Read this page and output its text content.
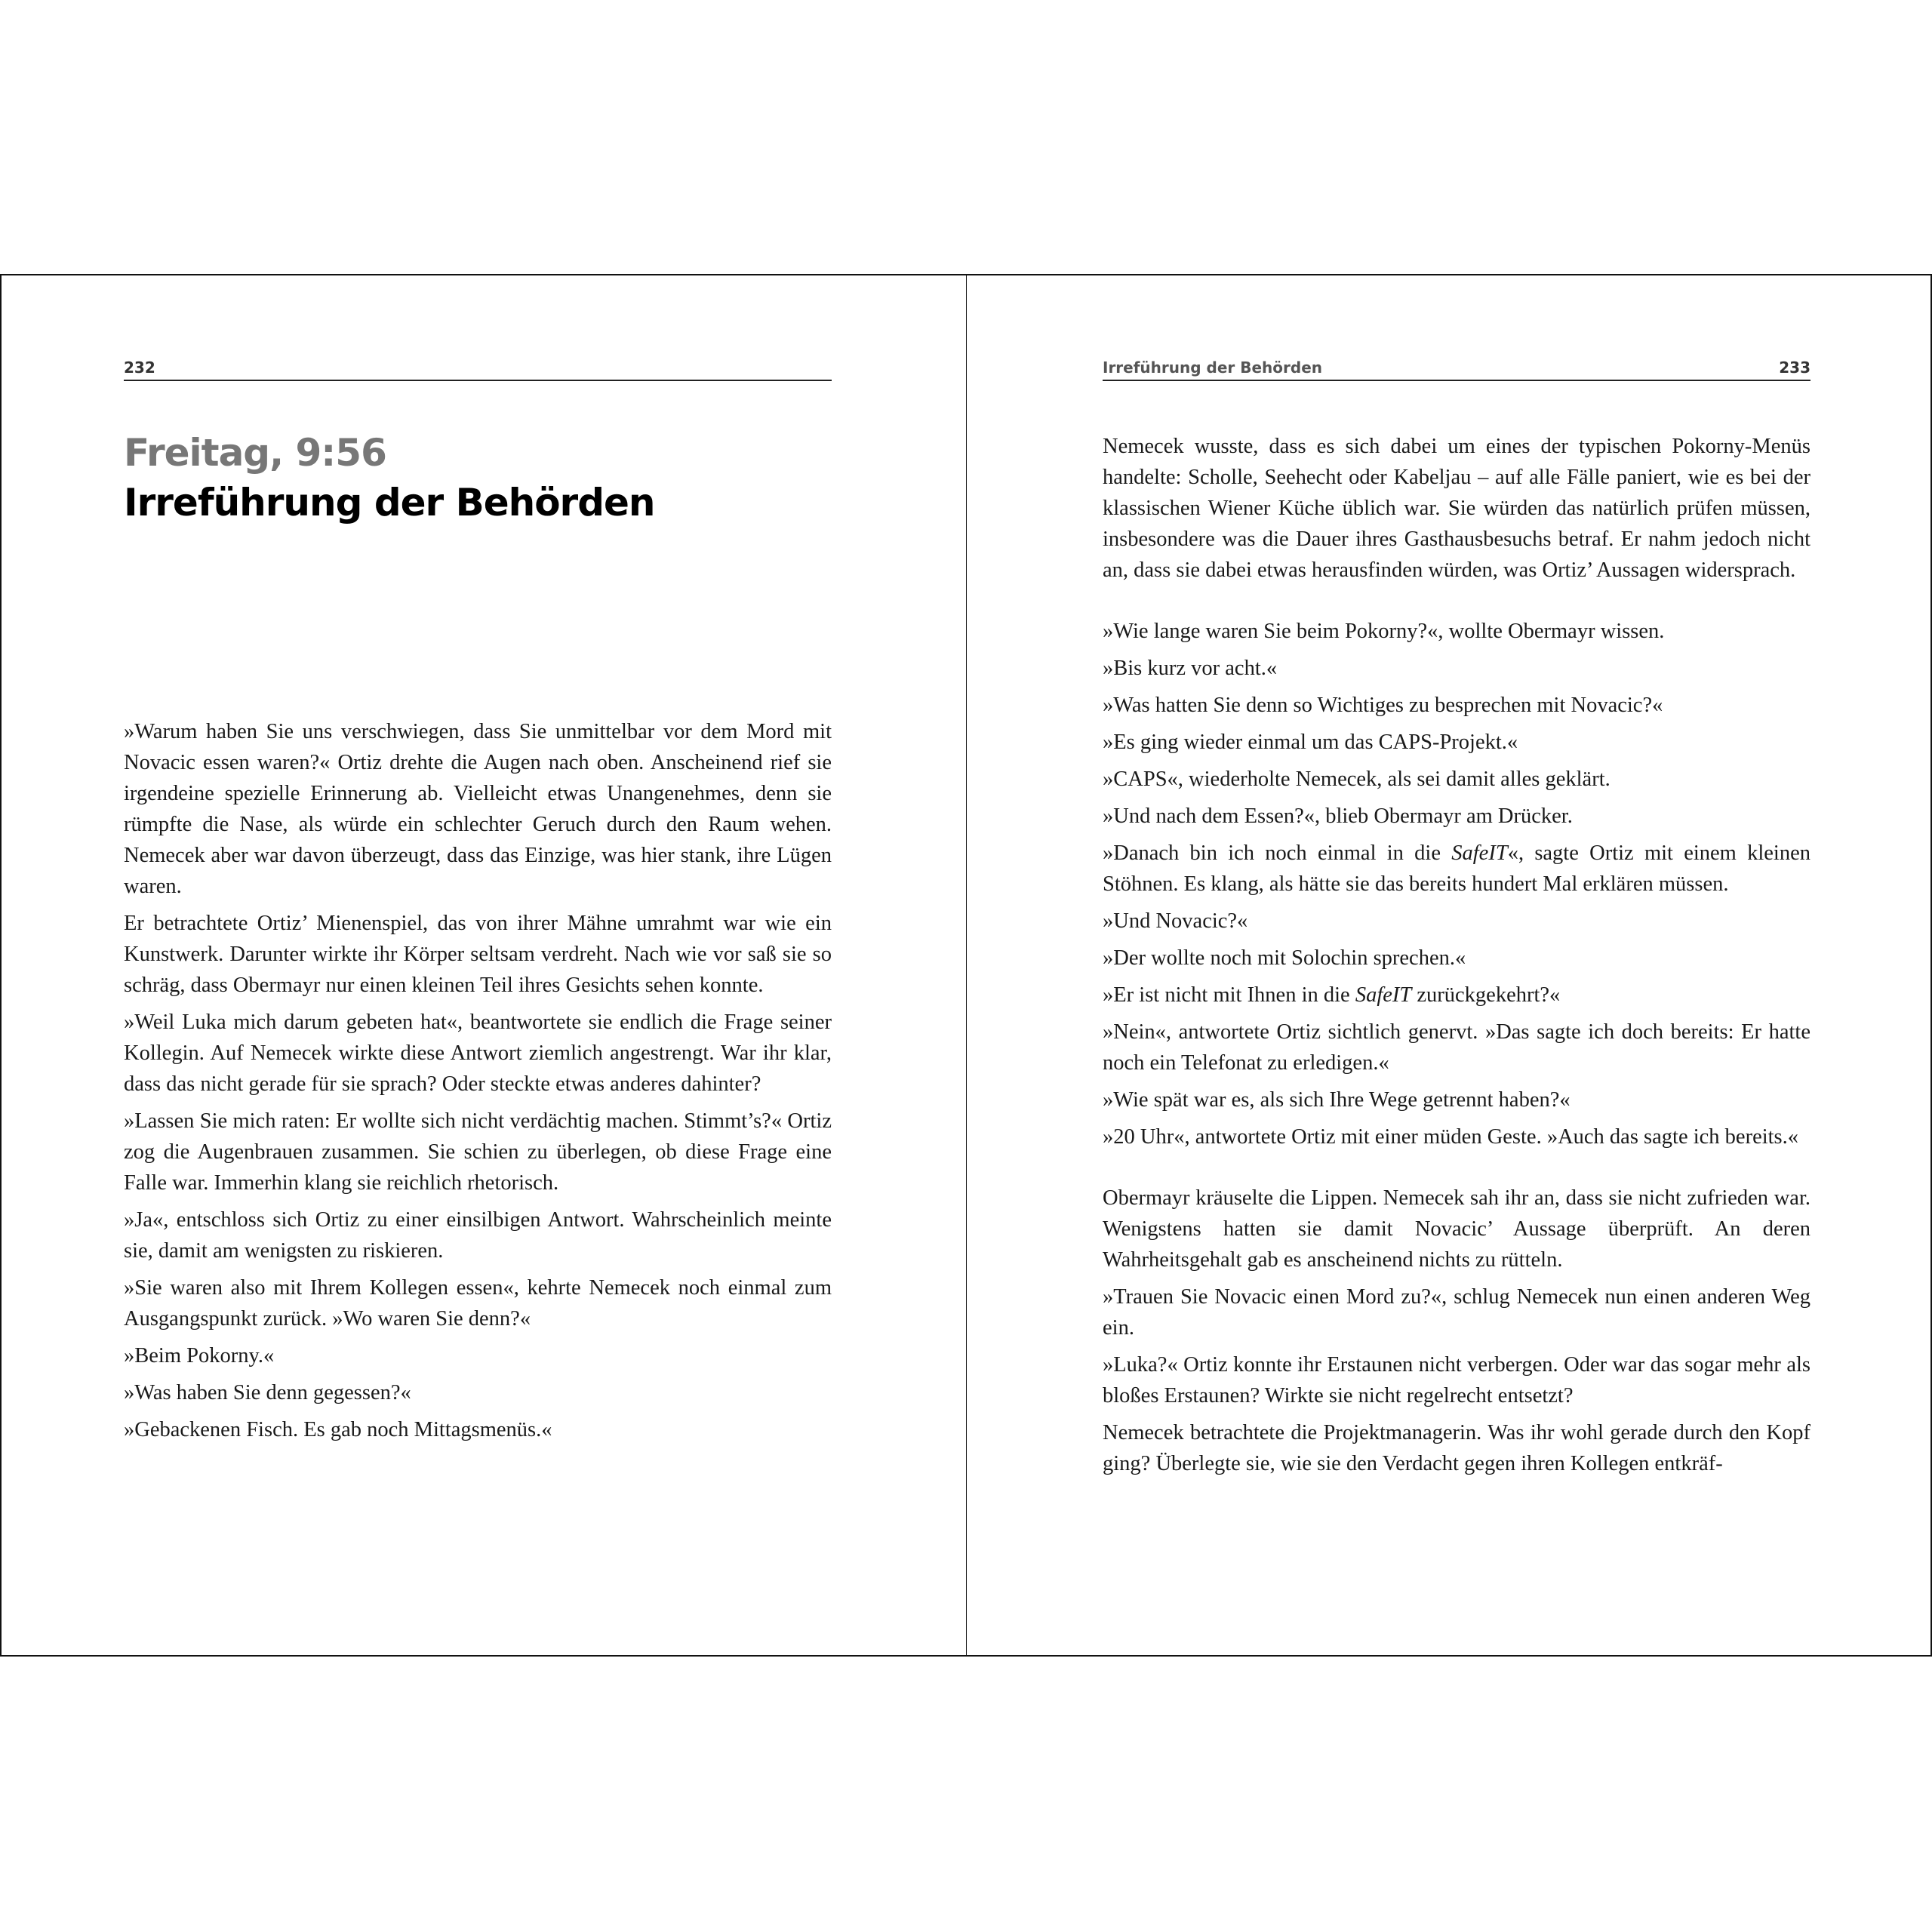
232
Freitag, 9:56
Irreführung der Behörden

»Warum haben Sie uns verschwiegen, dass Sie unmittelbar vor dem Mord mit Novacic essen waren?« Ortiz drehte die Augen nach oben. Anscheinend rief sie irgendeine spezielle Erinnerung ab. Vielleicht etwas Unangenehmes, denn sie rümpfte die Nase, als würde ein schlechter Geruch durch den Raum wehen. Nemecek aber war davon überzeugt, dass das Einzige, was hier stank, ihre Lügen waren.

Er betrachtete Ortiz’ Mienenspiel, das von ihrer Mähne umrahmt war wie ein Kunstwerk. Darunter wirkte ihr Körper seltsam verdreht. Nach wie vor saß sie so schräg, dass Obermayr nur einen kleinen Teil ihres Gesichts sehen konnte.

»Weil Luka mich darum gebeten hat«, beantwortete sie endlich die Frage seiner Kollegin. Auf Nemecek wirkte diese Antwort ziemlich angestrengt. War ihr klar, dass das nicht gerade für sie sprach? Oder steckte etwas anderes dahinter?

»Lassen Sie mich raten: Er wollte sich nicht verdächtig machen. Stimmt’s?« Ortiz zog die Augenbrauen zusammen. Sie schien zu überlegen, ob diese Frage eine Falle war. Immerhin klang sie reichlich rhetorisch.

»Ja«, entschloss sich Ortiz zu einer einsilbigen Antwort. Wahrscheinlich meinte sie, damit am wenigsten zu riskieren.

»Sie waren also mit Ihrem Kollegen essen«, kehrte Nemecek noch einmal zum Ausgangspunkt zurück. »Wo waren Sie denn?«

»Beim Pokorny.«

»Was haben Sie denn gegessen?«

»Gebackenen Fisch. Es gab noch Mittagsmenüs.«

Irreführung der Behörden	233

Nemecek wusste, dass es sich dabei um eines der typischen Pokorny-Menüs handelte: Scholle, Seehecht oder Kabeljau – auf alle Fälle paniert, wie es bei der klassischen Wiener Küche üblich war. Sie würden das natürlich prüfen müssen, insbesondere was die Dauer ihres Gasthausbesuchs betraf. Er nahm jedoch nicht an, dass sie dabei etwas herausfinden würden, was Ortiz’ Aussagen widersprach.

»Wie lange waren Sie beim Pokorny?«, wollte Obermayr wissen.

»Bis kurz vor acht.«

»Was hatten Sie denn so Wichtiges zu besprechen mit Novacic?«

»Es ging wieder einmal um das CAPS-Projekt.«

»CAPS«, wiederholte Nemecek, als sei damit alles geklärt.

»Und nach dem Essen?«, blieb Obermayr am Drücker.

»Danach bin ich noch einmal in die SafeIT«, sagte Ortiz mit einem kleinen Stöhnen. Es klang, als hätte sie das bereits hundert Mal erklären müssen.

»Und Novacic?«

»Der wollte noch mit Solochin sprechen.«

»Er ist nicht mit Ihnen in die SafeIT zurückgekehrt?«

»Nein«, antwortete Ortiz sichtlich genervt. »Das sagte ich doch bereits: Er hatte noch ein Telefonat zu erledigen.«

»Wie spät war es, als sich Ihre Wege getrennt haben?«

»20 Uhr«, antwortete Ortiz mit einer müden Geste. »Auch das sagte ich bereits.«

Obermayr kräuselte die Lippen. Nemecek sah ihr an, dass sie nicht zufrieden war. Wenigstens hatten sie damit Novacic’ Aussage überprüft. An deren Wahrheitsgehalt gab es anscheinend nichts zu rütteln.

»Trauen Sie Novacic einen Mord zu?«, schlug Nemecek nun einen anderen Weg ein.

»Luka?« Ortiz konnte ihr Erstaunen nicht verbergen. Oder war das sogar mehr als bloßes Erstaunen? Wirkte sie nicht regelrecht entsetzt?

Nemecek betrachtete die Projektmanagerin. Was ihr wohl gerade durch den Kopf ging? Überlegte sie, wie sie den Verdacht gegen ihren Kollegen entkräf-
